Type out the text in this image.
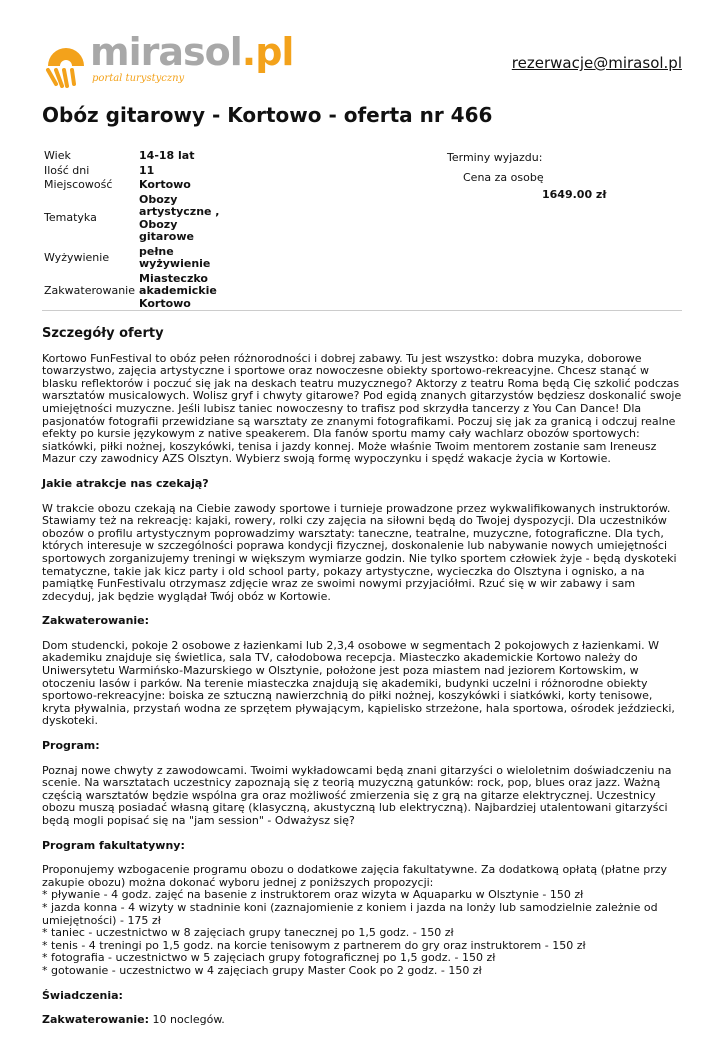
mirasol.pl
portal turystyczny
rezerwacje@mirasol.pl
Obóz gitarowy - Kortowo - oferta nr 466
Wiek	14-18 lat
Ilość dni	11
Miejscowość	Kortowo
Tematyka	Obozy artystyczne , Obozy gitarowe
Wyżywienie	pełne wyżywienie
Zakwaterowanie	Miasteczko akademickie Kortowo
Terminy wyjazdu:
Cena za osobę
1649.00 zł
Szczegóły oferty

Kortowo FunFestival to obóz pełen różnorodności i dobrej zabawy. Tu jest wszystko: dobra muzyka, doborowe towarzystwo, zajęcia artystyczne i sportowe oraz nowoczesne obiekty sportowo-rekreacyjne. Chcesz stanąć w blasku reflektorów i poczuć się jak na deskach teatru muzycznego? Aktorzy z teatru Roma będą Cię szkolić podczas warsztatów musicalowych. Wolisz gryf i chwyty gitarowe? Pod egidą znanych gitarzystów będziesz doskonalić swoje umiejętności muzyczne. Jeśli lubisz taniec nowoczesny to trafisz pod skrzydła tancerzy z You Can Dance! Dla pasjonatów fotografii przewidziane są warsztaty ze znanymi fotografikami. Poczuj się jak za granicą i odczuj realne efekty po kursie językowym z native speakerem. Dla fanów sportu mamy cały wachlarz obozów sportowych: siatkówki, piłki nożnej, koszykówki, tenisa i jazdy konnej. Może właśnie Twoim mentorem zostanie sam Ireneusz Mazur czy zawodnicy AZS Olsztyn. Wybierz swoją formę wypoczynku i spędź wakacje życia w Kortowie.

Jakie atrakcje nas czekają?

W trakcie obozu czekają na Ciebie zawody sportowe i turnieje prowadzone przez wykwalifikowanych instruktorów. Stawiamy też na rekreację: kajaki, rowery, rolki czy zajęcia na siłowni będą do Twojej dyspozycji. Dla uczestników obozów o profilu artystycznym poprowadzimy warsztaty: taneczne, teatralne, muzyczne, fotograficzne. Dla tych, których interesuje w szczególności poprawa kondycji fizycznej, doskonalenie lub nabywanie nowych umiejętności sportowych zorganizujemy treningi w większym wymiarze godzin. Nie tylko sportem człowiek żyje - będą dyskoteki tematyczne, takie jak kicz party i old school party, pokazy artystyczne, wycieczka do Olsztyna i ognisko, a na pamiątkę FunFestivalu otrzymasz zdjęcie wraz ze swoimi nowymi przyjaciółmi. Rzuć się w wir zabawy i sam zdecyduj, jak będzie wyglądał Twój obóz w Kortowie.

Zakwaterowanie:

Dom studencki, pokoje 2 osobowe z łazienkami lub 2,3,4 osobowe w segmentach 2 pokojowych z łazienkami. W akademiku znajduje się świetlica, sala TV, całodobowa recepcja. Miasteczko akademickie Kortowo należy do Uniwersytetu Warmińsko-Mazurskiego w Olsztynie, położone jest poza miastem nad jeziorem Kortowskim, w otoczeniu lasów i parków. Na terenie miasteczka znajdują się akademiki, budynki uczelni i różnorodne obiekty sportowo-rekreacyjne: boiska ze sztuczną nawierzchnią do piłki nożnej, koszykówki i siatkówki, korty tenisowe, kryta pływalnia, przystań wodna ze sprzętem pływającym, kąpielisko strzeżone, hala sportowa, ośrodek jeździecki, dyskoteki.

Program:

Poznaj nowe chwyty z zawodowcami. Twoimi wykładowcami będą znani gitarzyści o wieloletnim doświadczeniu na scenie. Na warsztatach uczestnicy zapoznają się z teorią muzyczną gatunków: rock, pop, blues oraz jazz. Ważną częścią warsztatów będzie wspólna gra oraz możliwość zmierzenia się z grą na gitarze elektrycznej. Uczestnicy obozu muszą posiadać własną gitarę (klasyczną, akustyczną lub elektryczną). Najbardziej utalentowani gitarzyści będą mogli popisać się na "jam session" - Odważysz się?

Program fakultatywny:

Proponujemy wzbogacenie programu obozu o dodatkowe zajęcia fakultatywne. Za dodatkową opłatą (płatne przy zakupie obozu) można dokonać wyboru jednej z poniższych propozycji:
* pływanie - 4 godz. zajęć na basenie z instruktorem oraz wizyta w Aquaparku w Olsztynie - 150 zł
* jazda konna - 4 wizyty w stadninie koni (zaznajomienie z koniem i jazda na lonży lub samodzielnie zależnie od umiejętności) - 175 zł
* taniec - uczestnictwo w 8 zajęciach grupy tanecznej po 1,5 godz. - 150 zł
* tenis - 4 treningi po 1,5 godz. na korcie tenisowym z partnerem do gry oraz instruktorem - 150 zł
* fotografia - uczestnictwo w 5 zajęciach grupy fotograficznej po 1,5 godz. - 150 zł
* gotowanie - uczestnictwo w 4 zajęciach grupy Master Cook po 2 godz. - 150 zł

Świadczenia:

Zakwaterowanie: 10 noclegów.
